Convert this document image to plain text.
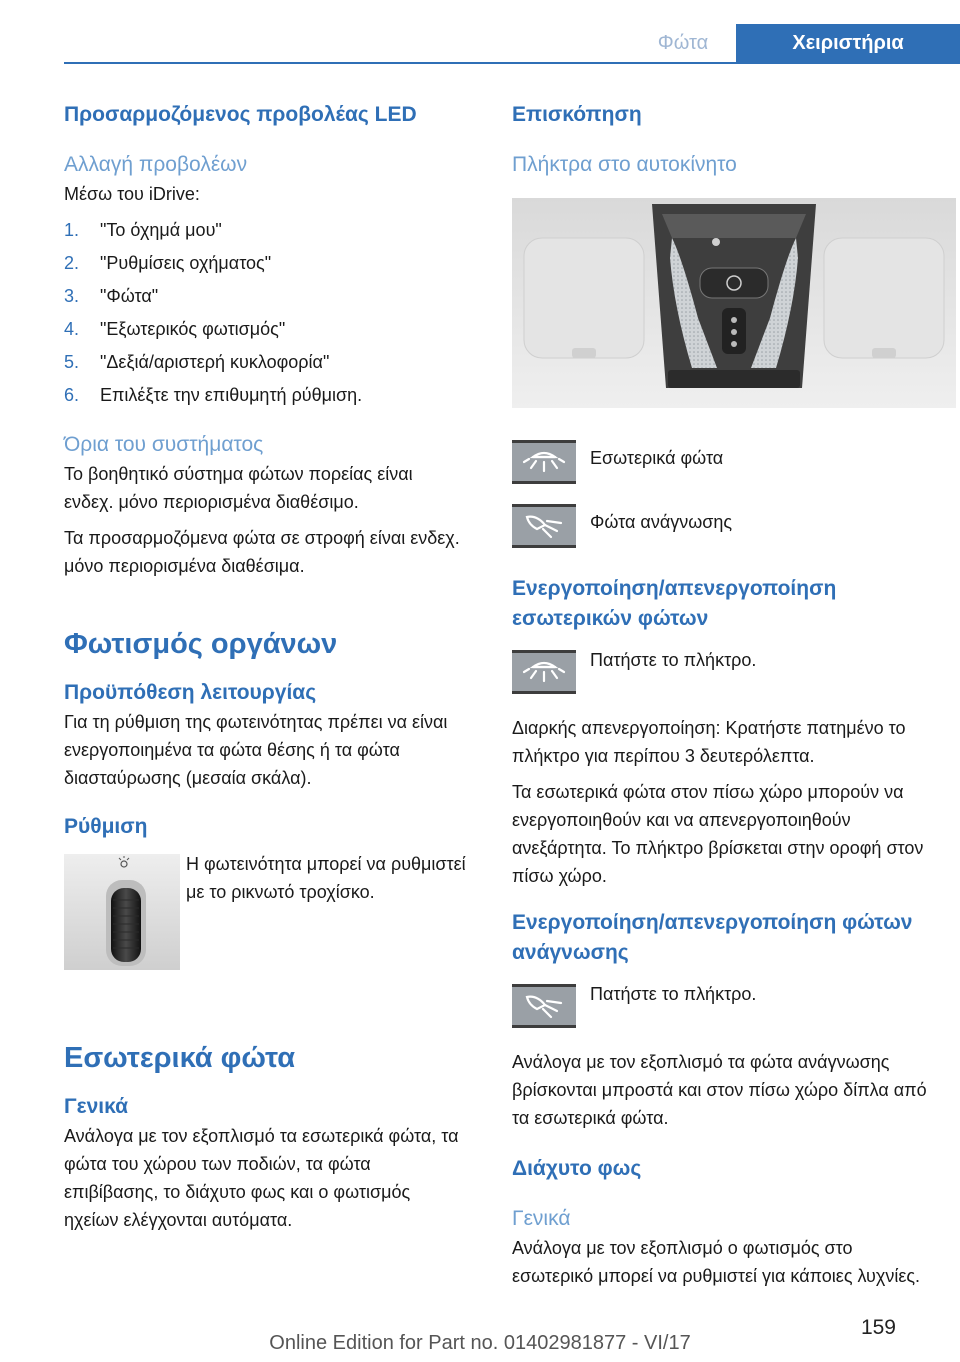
Φώτα	Χειριστήρια
Προσαρμοζόμενος προβολέας LED
Αλλαγή προβολέων
Μέσω του iDrive:
1. "Το όχημά μου"
2. "Ρυθμίσεις οχήματος"
3. "Φώτα"
4. "Εξωτερικός φωτισμός"
5. "Δεξιά/αριστερή κυκλοφορία"
6. Επιλέξτε την επιθυμητή ρύθμιση.
Όρια του συστήματος
Το βοηθητικό σύστημα φώτων πορείας είναι ενδεχ. μόνο περιορισμένα διαθέσιμο.
Τα προσαρμοζόμενα φώτα σε στροφή είναι ενδεχ. μόνο περιορισμένα διαθέσιμα.
Φωτισμός οργάνων
Προϋπόθεση λειτουργίας
Για τη ρύθμιση της φωτεινότητας πρέπει να είναι ενεργοποιημένα τα φώτα θέσης ή τα φώτα διασταύρωσης (μεσαία σκάλα).
Ρύθμιση
Η φωτεινότητα μπορεί να ρυθμιστεί με το ρικνωτό τροχίσκο.
Εσωτερικά φώτα
Γενικά
Ανάλογα με τον εξοπλισμό τα εσωτερικά φώτα, τα φώτα του χώρου των ποδιών, τα φώτα επιβίβασης, το διάχυτο φως και ο φωτισμός ηχείων ελέγχονται αυτόματα.
Επισκόπηση
Πλήκτρα στο αυτοκίνητο
Εσωτερικά φώτα
Φώτα ανάγνωσης
Ενεργοποίηση/απενεργοποίηση εσωτερικών φώτων
Πατήστε το πλήκτρο.
Διαρκής απενεργοποίηση: Κρατήστε πατημένο το πλήκτρο για περίπου 3 δευτερόλεπτα.
Τα εσωτερικά φώτα στον πίσω χώρο μπορούν να ενεργοποιηθούν και να απενεργοποιηθούν ανεξάρτητα. Το πλήκτρο βρίσκεται στην οροφή στον πίσω χώρο.
Ενεργοποίηση/απενεργοποίηση φώτων ανάγνωσης
Πατήστε το πλήκτρο.
Ανάλογα με τον εξοπλισμό τα φώτα ανάγνωσης βρίσκονται μπροστά και στον πίσω χώρο δίπλα από τα εσωτερικά φώτα.
Διάχυτο φως
Γενικά
Ανάλογα με τον εξοπλισμό ο φωτισμός στο εσωτερικό μπορεί να ρυθμιστεί για κάποιες λυχνίες.
159
Online Edition for Part no. 01402981877 - VI/17
